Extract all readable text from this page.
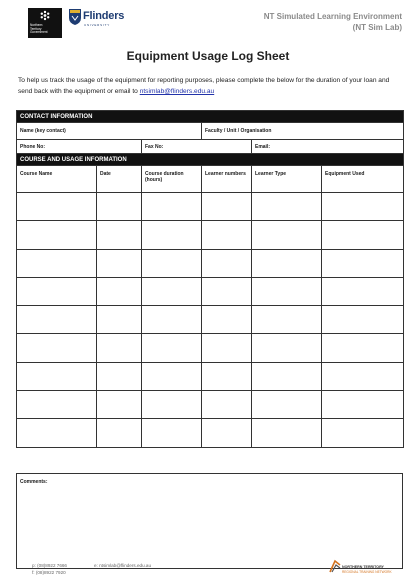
Northern
Territory
Government
Flinders
UNIVERSITY
NT Simulated Learning Environment
(NT Sim Lab)
Equipment Usage Log Sheet
To help us track the usage of the equipment for reporting purposes, please complete the below for the duration of your loan and send back with the equipment or email to ntsimlab@flinders.edu.au
CONTACT INFORMATION					
Name (key contact)			Faculty / Unit / Organisation		
Phone No:		Fax No:		Email:	
COURSE AND USAGE INFORMATION					
Course Name	Date	Course duration (hours)	Learner numbers	Learner Type	Equipment Used

Comments:
p: (08)8922 7666
f: (08)8922 7920
e: ntsimlab@flinders.edu.au	NORTHERN TERRITORY
REGIONAL TRAINING NETWORK
